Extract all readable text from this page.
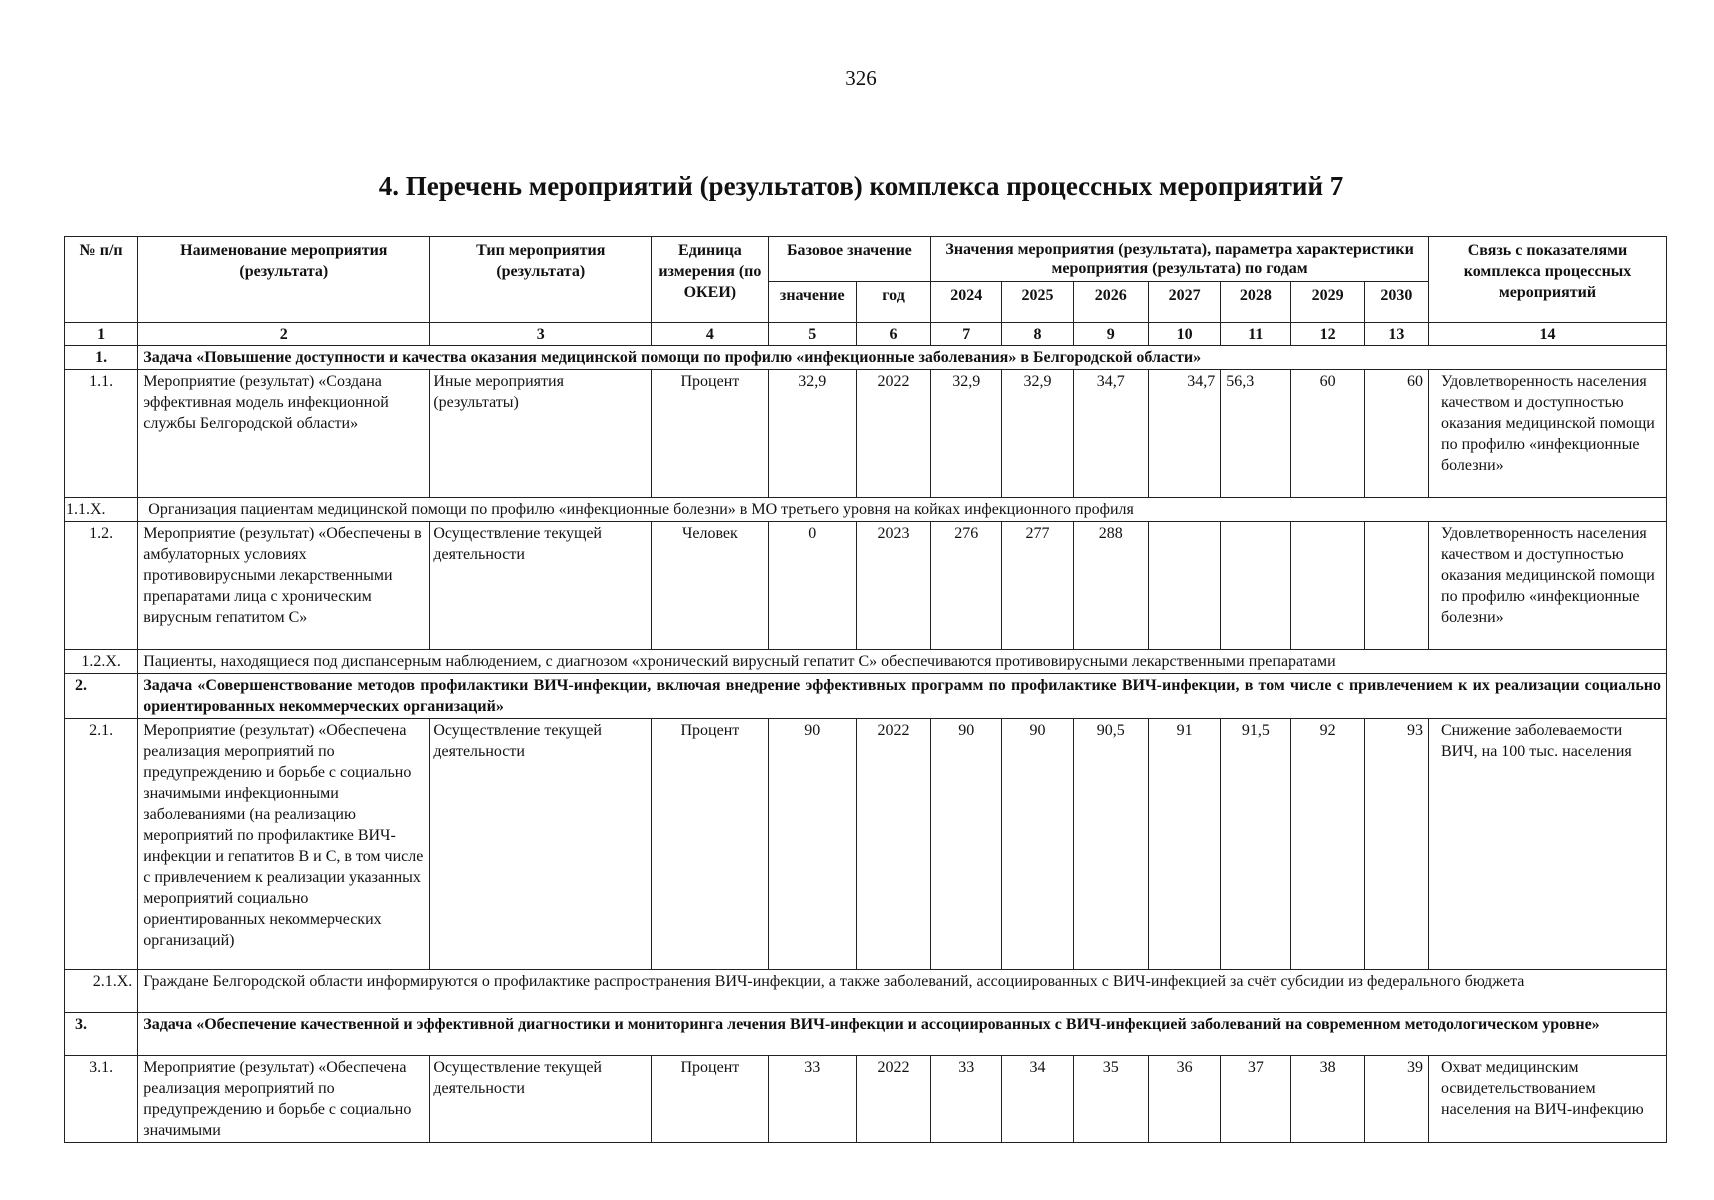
326
4. Перечень мероприятий (результатов) комплекса процессных мероприятий 7
№ п/п	Наименование мероприятия (результата)	Тип мероприятия (результата)	Единица измерения (по ОКЕИ)	Базовое значение		Значения мероприятия (результата), параметра характеристики мероприятия (результата) по годам							Связь с показателями комплекса процессных мероприятий
				значение	год	2024	2025	2026	2027	2028	2029	2030	
1	2	3	4	5	6	7	8	9	10	11	12	13	14
1.	Задача «Повышение доступности и качества оказания медицинской помощи по профилю «инфекционные заболевания» в Белгородской области»												
1.1.	Мероприятие (результат) «Создана эффективная модель инфекционной службы Белгородской области»	Иные мероприятия (результаты)	Процент	32,9	2022	32,9	32,9	34,7	34,7	56,3	60	60	Удовлетворенность населения качеством и доступностью оказания медицинской помощи по профилю «инфекционные болезни»
1.1.Х.	Организация пациентам медицинской помощи по профилю «инфекционные болезни» в МО третьего уровня на койках инфекционного профиля												
1.2.	Мероприятие (результат) «Обеспечены в амбулаторных условиях противовирусными лекарственными препаратами лица с хроническим вирусным гепатитом С»	Осуществление текущей деятельности	Человек	0	2023	276	277	288					Удовлетворенность населения качеством и доступностью оказания медицинской помощи по профилю «инфекционные болезни»
1.2.Х.	Пациенты, находящиеся под диспансерным наблюдением, с диагнозом «хронический вирусный гепатит С» обеспечиваются противовирусными лекарственными препаратами												
2.	Задача «Совершенствование методов профилактики ВИЧ-инфекции, включая внедрение эффективных программ по профилактике ВИЧ-инфекции, в том числе с привлечением к их реализации социально ориентированных некоммерческих организаций»												
2.1.	Мероприятие (результат) «Обеспечена реализация мероприятий по предупреждению и борьбе с социально значимыми инфекционными заболеваниями (на реализацию мероприятий по профилактике ВИЧ-инфекции и гепатитов В и С, в том числе с привлечением к реализации указанных мероприятий социально ориентированных некоммерческих организаций)	Осуществление текущей деятельности	Процент	90	2022	90	90	90,5	91	91,5	92	93	Снижение заболеваемости ВИЧ, на 100 тыс. населения
2.1.Х.	Граждане Белгородской области информируются о профилактике распространения ВИЧ-инфекции, а также заболеваний, ассоциированных с ВИЧ-инфекцией за счёт субсидии из федерального бюджета												
3.	Задача «Обеспечение качественной и эффективной диагностики и мониторинга лечения ВИЧ-инфекции и ассоциированных с ВИЧ-инфекцией заболеваний на современном методологическом уровне»												
3.1.	Мероприятие (результат) «Обеспечена реализация мероприятий по предупреждению и борьбе с социально значимыми	Осуществление текущей деятельности	Процент	33	2022	33	34	35	36	37	38	39	Охват медицинским освидетельствованием населения на ВИЧ-инфекцию
